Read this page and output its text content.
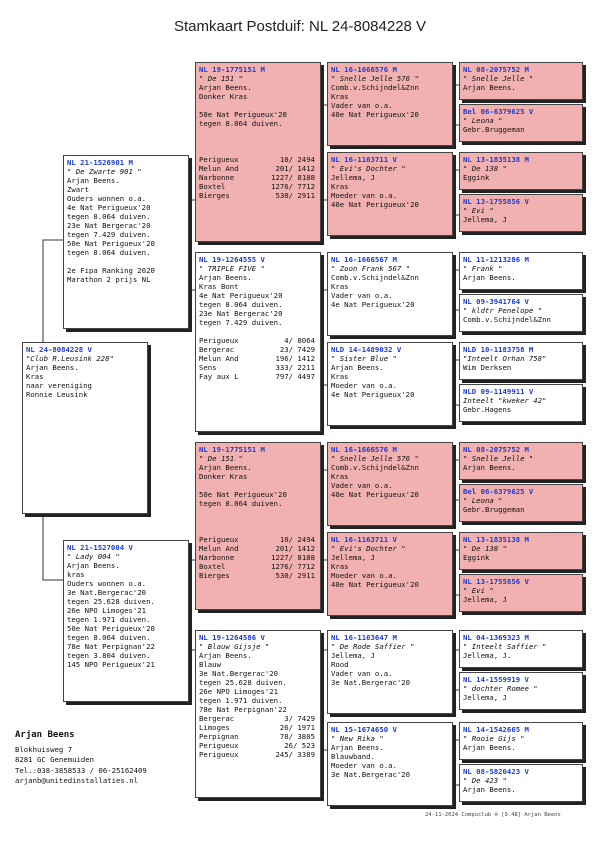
Stamkaart Postduif: NL 24-8084228 V
NL 24-8084228 V
"Club R.Leusink 228"
Arjan Beens.
Kras
naar vereniging
Ronnie Leusink
NL 21-1526901 M
" De Zwarte 901 "
Arjan Beens.
Zwart
Ouders wonnen o.a.
4e Nat Perigueux'20
tegen 8.064 duiven.
23e Nat Bergerac'20
tegen 7.429 duiven.
50e Nat Perigueux'20
tegen 8.064 duiven.
2e Fipa Ranking 2020
Marathon 2 prijs NL
NL 21-1527004 V
" Lady 004 "
Arjan Beens.
kras
Ouders wonnen o.a.
3e Nat.Bergerac'20
tegen 25.628 duiven.
26e NPO Limoges'21
tegen 1.971 duiven.
50e Nat Perigueux'20
tegen 8.064 duiven.
78e Nat Perpignan'22
tegen 3.804 duiven.
145 NPO Perigueux'21
NL 19-1775151 M
" De 151 "
Arjan Beens.
Donker Kras
50e Nat Perigueux'20
tegen 8.064 duiven.
Perigueux	10/ 2494
Melun And	201/ 1412
Narbonne	1227/ 8188
Boxtel	1276/ 7712
Bierges	530/ 2911
NL 19-1264555 V
" TRIPLE FIVE "
Arjan Beens.
Kras Bont
4e Nat Perigueux'20
tegen 8.064 duiven.
23e Nat Bergerac'20
tegen 7.429 duiven.
Perigueux	4/ 8064
Bergerac	23/ 7429
Melun And	196/ 1412
Sens	333/ 2211
Fay aux L	797/ 4497
NL 19-1775151 M
" De 151 "
Arjan Beens.
Donker Kras
50e Nat Perigueux'20
tegen 8.064 duiven.
Perigueux	10/ 2494
Melun And	201/ 1412
Narbonne	1227/ 8188
Boxtel	1276/ 7712
Bierges	530/ 2911
NL 19-1264586 V
" Blauw Gijsje "
Arjan Beens.
Blauw
3e Nat.Bergerac'20
tegen 25.628 duiven.
26e NPO Limoges'21
tegen 1.971 duiven.
78e Nat Perpignan'22
Bergerac	3/ 7429
Limoges	26/ 1971
Perpignan	78/ 3805
Perigueux	26/ 523
Perigueux	245/ 3389
NL 16-1666576 M
" Snelle Jelle 576 "
Comb.v.Schijndel&Znn
Kras
Vader van o.a.
40e Nat Perigueux'20
NL 16-1163711 V
" Evi's Dochter "
Jellema, J
Kras
Moeder van o.a.
40e Nat Perigueux'20
NL 16-1666567 M
" Zoon Frank 567 "
Comb.v.Schijndel&Znn
Kras
Vader van o.a.
4e Nat Perigueux'20
NLD 14-1489032 V
" Sister Blue "
Arjan Beens.
Kras
Moeder van o.a.
4e Nat Perigueux'20
NL 16-1666576 M
" Snelle Jelle 576 "
Comb.v.Schijndel&Znn
Kras
Vader van o.a.
40e Nat Perigueux'20
NL 16-1163711 V
" Evi's Dochter "
Jellema, J
Kras
Moeder van o.a.
40e Nat Perigueux'20
NL 16-1163647 M
" De Rode Saffier "
Jellema, J
Rood
Vader van o.a.
3e Nat.Bergerac'20
NL 15-1674650 V
" New Rika "
Arjan Beens.
Blauwband.
Moeder van o.a.
3e Nat.Bergerac'20
NL 08-2075752 M
" Snelle Jelle "
Arjan Beens.
Bel 06-6379625 V
" Leona "
Gebr.Bruggeman
NL 13-1835138 M
" De 138 "
Eggink
NL 13-1755856 V
" Evi "
Jellema, J
NL 11-1213286 M
" Frank "
Arjan Beens.
NL 09-3941764 V
" kldtr Penelope "
Comb.v.Schijndel&Znn
NLD 10-1183758 M
"Inteelt Orhan 758"
Wim Derksen
NLD 09-1149911 V
Inteelt "kweker 42"
Gebr.Hagens
NL 08-2075752 M
" Snelle Jelle "
Arjan Beens.
Bel 06-6379625 V
" Leona "
Gebr.Bruggeman
NL 13-1835138 M
" De 138 "
Eggink
NL 13-1755856 V
" Evi "
Jellema, J
NL 04-1369323 M
" Inteelt Saffier "
Jellema, J.
NL 14-1559919 V
" dochter Romee "
Jellema, J
NL 14-1542665 M
" Rooie Gijs "
Arjan Beens.
NL 08-5820423 V
" De 423 "
Arjan Beens.
Arjan Beens
Blokhuisweg 7
8281 GC Genemuiden
Tel.:038-3858533 / 06-25162409
arjanb@unitedinstallaties.nl
24-11-2024 Compuclub ® [9.48] Arjan Beens
